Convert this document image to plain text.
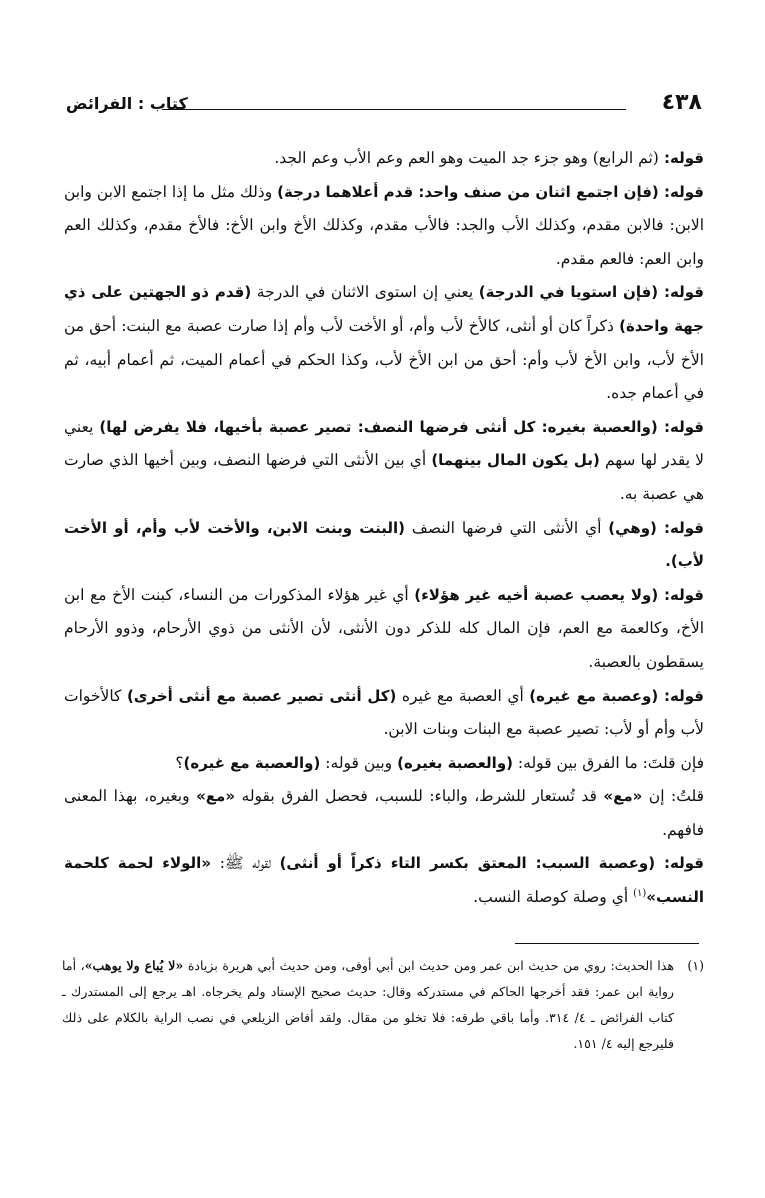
٤٣٨
كتاب : الفرائض

قوله: (ثم الرابع) وهو جزء جد الميت وهو العم وعم الأب وعم الجد.

قوله: (فإن اجتمع اثنان من صنف واحد: قدم أعلاهما درجة) وذلك مثل ما إذا اجتمع الابن وابن الابن: فالابن مقدم، وكذلك الأب والجد: فالأب مقدم، وكذلك الأخ وابن الأخ: فالأخ مقدم، وكذلك العم وابن العم: فالعم مقدم.

قوله: (فإن استويا في الدرجة) يعني إن استوى الاثنان في الدرجة (قدم ذو الجهتين على ذي جهة واحدة) ذكراً كان أو أنثى، كالأخ لأب وأم، أو الأخت لأب وأم إذا صارت عصبة مع البنت: أحق من الأخ لأب، وابن الأخ لأب وأم: أحق من ابن الأخ لأب، وكذا الحكم في أعمام الميت، ثم أعمام أبيه، ثم في أعمام جده.

قوله: (والعصبة بغيره: كل أنثى فرضها النصف: تصير عصبة بأخيها، فلا يفرض لها) يعني لا يقدر لها سهم (بل يكون المال بينهما) أي بين الأنثى التي فرضها النصف، وبين أخيها الذي صارت هي عصبة به.

قوله: (وهي) أي الأنثى التي فرضها النصف (البنت وبنت الابن، والأخت لأب وأم، أو الأخت لأب).

قوله: (ولا يعصب عصبة أخيه غير هؤلاء) أي غير هؤلاء المذكورات من النساء، كبنت الأخ مع ابن الأخ، وكالعمة مع العم، فإن المال كله للذكر دون الأنثى، لأن الأنثى من ذوي الأرحام، وذوو الأرحام يسقطون بالعصبة.

قوله: (وعصبة مع غيره) أي العصبة مع غيره (كل أنثى تصير عصبة مع أنثى أخرى) كالأخوات لأب وأم أو لأب: تصير عصبة مع البنات وبنات الابن.

فإن قلتَ: ما الفرق بين قوله: (والعصبة بغيره) وبين قوله: (والعصبة مع غيره)؟

قلتُ: إن «مع» قد تُستعار للشرط، والباء: للسبب، فحصل الفرق بقوله «مع» وبغيره، بهذا المعنى فافهم.

قوله: (وعصبة السبب: المعتق بكسر التاء ذكراً أو أنثى) لقوله ﷺ: «الولاء لحمة كلحمة النسب»$^{(١)}$ أي وصلة كوصلة النسب.

(١)
هذا الحديث: روي من حديث ابن عمر ومن حديث ابن أبي أوفى، ومن حديث أبي هريرة بزيادة «لا يُباع ولا يوهب»، أما رواية ابن عمر: فقد أخرجها الحاكم في مستدركه وقال: حديث صحيح الإسناد ولم يخرجاه. اهـ يرجع إلى المستدرك ـ كتاب الفرائض ـ ٤/ ٣١٤. وأما باقي طرقه: فلا تخلو من مقال. ولقد أفاض الزيلعي في نصب الراية بالكلام على ذلك فليرجع إليه ٤/ ١٥١.
